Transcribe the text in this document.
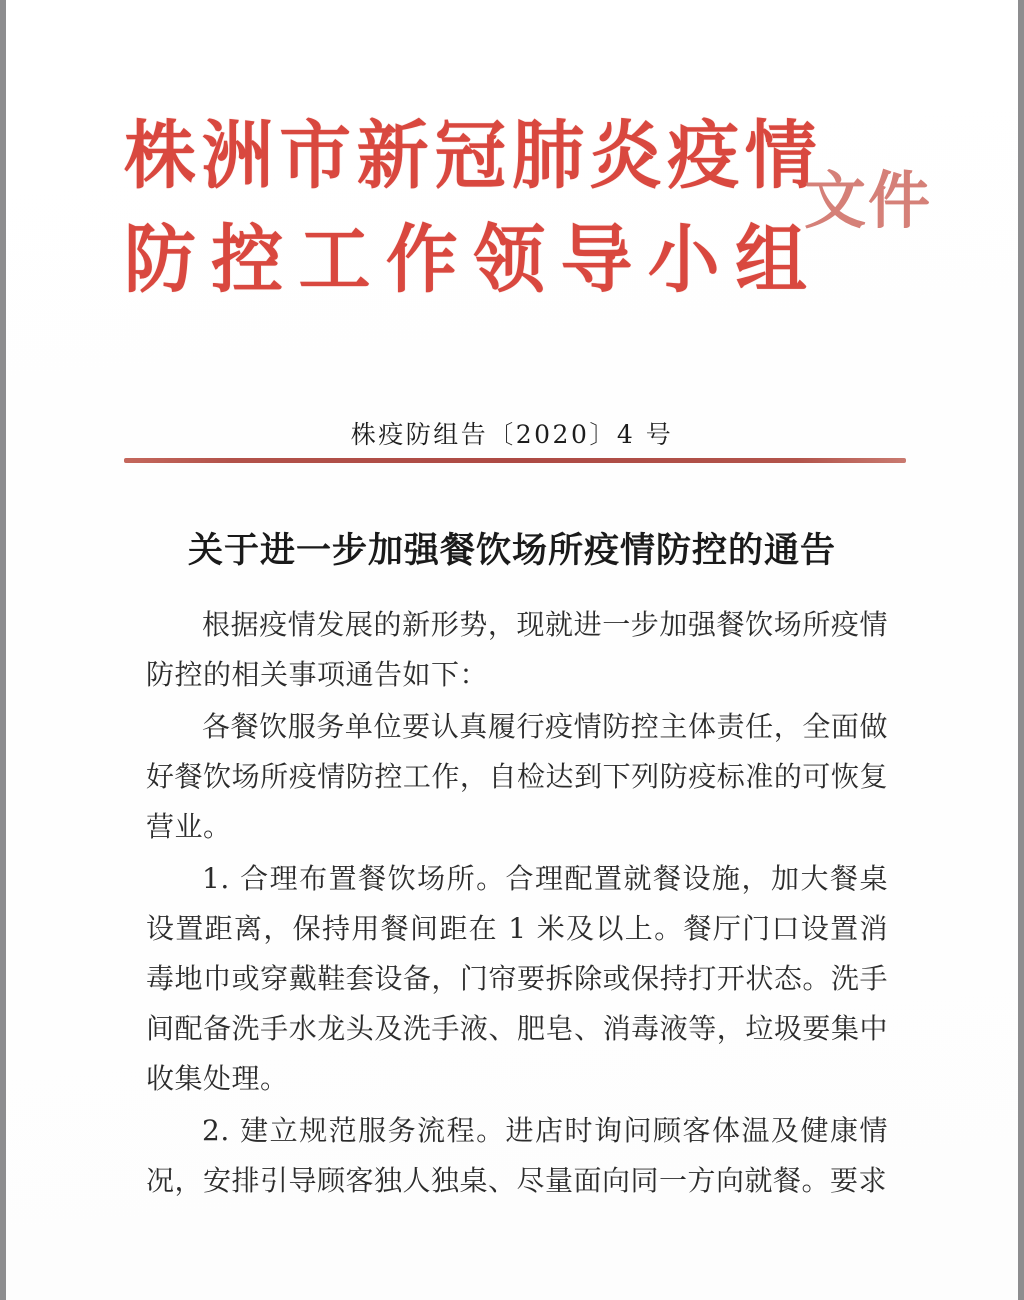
株洲市新冠肺炎疫情
防控工作领导小组
文件
株疫防组告〔2020〕4 号
关于进一步加强餐饮场所疫情防控的通告

根据疫情发展的新形势，现就进一步加强餐饮场所疫情防控的相关事项通告如下：

各餐饮服务单位要认真履行疫情防控主体责任，全面做好餐饮场所疫情防控工作，自检达到下列防疫标准的可恢复营业。

1. 合理布置餐饮场所。合理配置就餐设施，加大餐桌设置距离，保持用餐间距在 1 米及以上。餐厅门口设置消毒地巾或穿戴鞋套设备，门帘要拆除或保持打开状态。洗手间配备洗手水龙头及洗手液、肥皂、消毒液等，垃圾要集中收集处理。

2. 建立规范服务流程。进店时询问顾客体温及健康情况，安排引导顾客独人独桌、尽量面向同一方向就餐。要求
